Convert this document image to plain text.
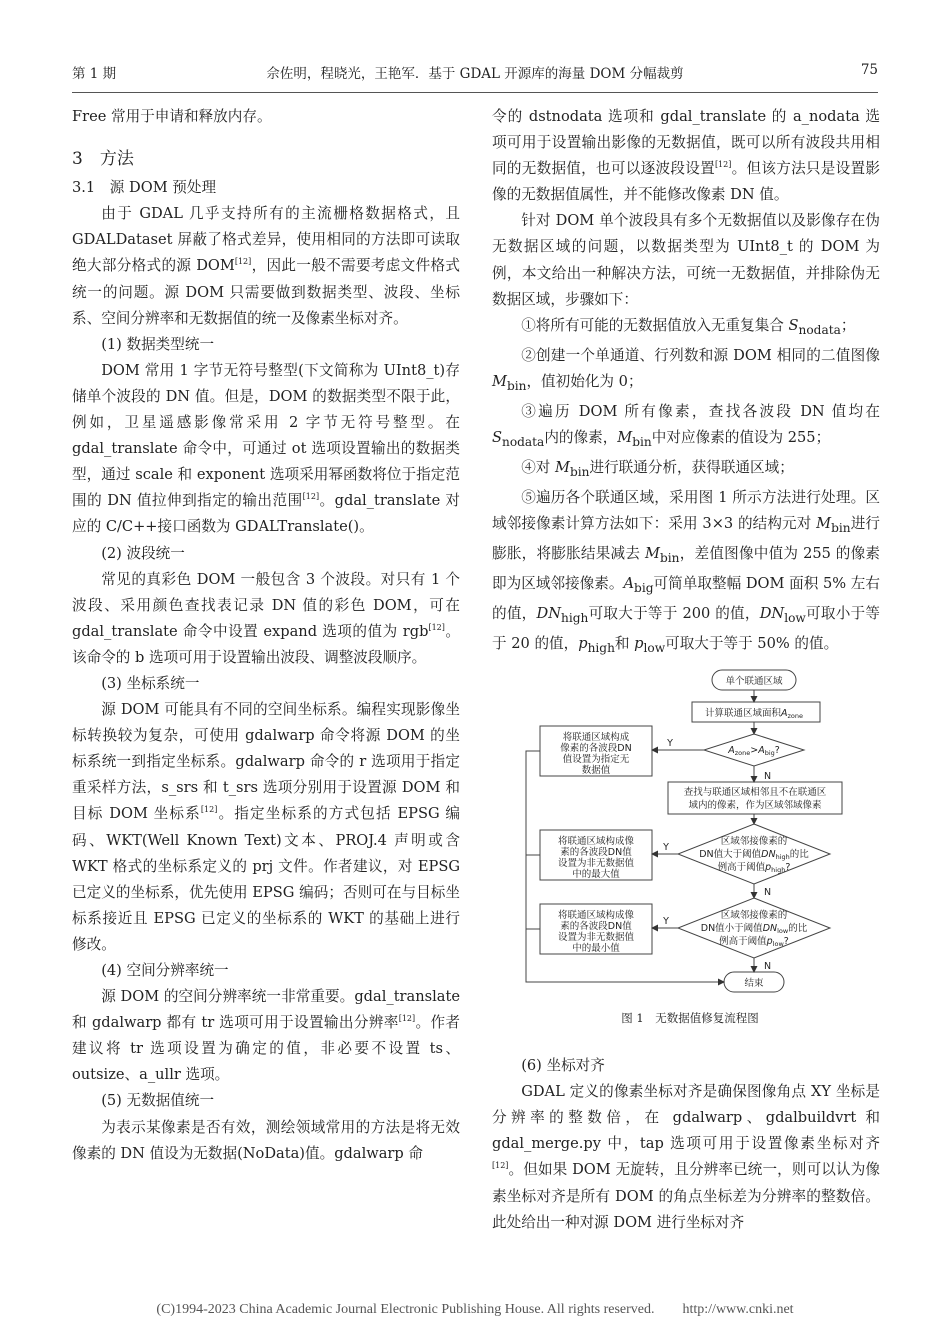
第 1 期	佘佐明，程晓光，王艳军．基于 GDAL 开源库的海量 DOM 分幅裁剪	75

Free 常用于申请和释放内存。

3　方法

3.1　源 DOM 预处理

由于 GDAL 几乎支持所有的主流栅格数据格式，且 GDALDataset 屏蔽了格式差异，使用相同的方法即可读取绝大部分格式的源 DOM[12]，因此一般不需要考虑文件格式统一的问题。源 DOM 只需要做到数据类型、波段、坐标系、空间分辨率和无数据值的统一及像素坐标对齐。

(1) 数据类型统一

DOM 常用 1 字节无符号整型(下文简称为 UInt8_t)存储单个波段的 DN 值。但是，DOM 的数据类型不限于此，例如，卫星遥感影像常采用 2 字节无符号整型。在 gdal_translate 命令中，可通过 ot 选项设置输出的数据类型，通过 scale 和 exponent 选项采用幂函数将位于指定范围的 DN 值拉伸到指定的输出范围[12]。gdal_translate 对应的 C/C++接口函数为 GDALTranslate()。

(2) 波段统一

常见的真彩色 DOM 一般包含 3 个波段。对只有 1 个波段、采用颜色查找表记录 DN 值的彩色 DOM，可在 gdal_translate 命令中设置 expand 选项的值为 rgb[12]。该命令的 b 选项可用于设置输出波段、调整波段顺序。

(3) 坐标系统一

源 DOM 可能具有不同的空间坐标系。编程实现影像坐标转换较为复杂，可使用 gdalwarp 命令将源 DOM 的坐标系统一到指定坐标系。gdalwarp 命令的 r 选项用于指定重采样方法，s_srs 和 t_srs 选项分别用于设置源 DOM 和目标 DOM 坐标系[12]。指定坐标系的方式包括 EPSG 编码、WKT(Well Known Text)文本、PROJ.4 声明或含 WKT 格式的坐标系定义的 prj 文件。作者建议，对 EPSG 已定义的坐标系，优先使用 EPSG 编码；否则可在与目标坐标系接近且 EPSG 已定义的坐标系的 WKT 的基础上进行修改。

(4) 空间分辨率统一

源 DOM 的空间分辨率统一非常重要。gdal_translate 和 gdalwarp 都有 tr 选项可用于设置输出分辨率[12]。作者建议将 tr 选项设置为确定的值，非必要不设置 ts、outsize、a_ullr 选项。

(5) 无数据值统一

为表示某像素是否有效，测绘领域常用的方法是将无效像素的 DN 值设为无数据(NoData)值。gdalwarp 命

令的 dstnodata 选项和 gdal_translate 的 a_nodata 选项可用于设置输出影像的无数据值，既可以所有波段共用相同的无数据值，也可以逐波段设置[12]。但该方法只是设置影像的无数据值属性，并不能修改像素 DN 值。

针对 DOM 单个波段具有多个无数据值以及影像存在伪无数据区域的问题，以数据类型为 UInt8_t 的 DOM 为例，本文给出一种解决方法，可统一无数据值，并排除伪无数据区域，步骤如下：

①将所有可能的无数据值放入无重复集合 $S_{nodata}$；

②创建一个单通道、行列数和源 DOM 相同的二值图像 $M_{bin}$，值初始化为 0；

③遍历 DOM 所有像素，查找各波段 DN 值均在 $S_{nodata}$内的像素，$M_{bin}$中对应像素的值设为 255；

④对 $M_{bin}$进行联通分析，获得联通区域；

⑤遍历各个联通区域，采用图 1 所示方法进行处理。区域邻接像素计算方法如下：采用 3×3 的结构元对 $M_{bin}$进行膨胀，将膨胀结果减去 $M_{bin}$，差值图像中值为 255 的像素即为区域邻接像素。$A_{big}$可简单取整幅 DOM 面积 5% 左右的值，$DN_{high}$可取大于等于 200 的值，$DN_{low}$可取小于等于 20 的值，$p_{high}$和 $p_{low}$可取大于等于 50% 的值。

(6) 坐标对齐

GDAL 定义的像素坐标对齐是确保图像角点 XY 坐标是分辨率的整数倍，在 gdalwarp、gdalbuildvrt 和 gdal_merge.py 中，tap 选项可用于设置像素坐标对齐[12]。但如果 DOM 无旋转，且分辨率已统一，则可以认为像素坐标对齐是所有 DOM 的角点坐标差为分辨率的整数倍。此处给出一种对源 DOM 进行坐标对齐

单个联通区域
计算联通区域面积$A_{zone}$
$A_{zone}>A_{big}$?
查找与联通区域相邻且不在联通区
域内的像素，作为区域邻域像素
区域邻接像素的
DN值大于阈值$DN_{high}$的比
例高于阈值$p_{high}$?
区域邻接像素的
DN值小于阈值$DN_{low}$的比
例高于阈值$p_{low}$?
结束
Y
Y
Y
N
N
N
将联通区域构成
像素的各波段DN
值设置为指定无
数据值
将联通区域构成像
素的各波段DN值
设置为非无数据值
中的最大值
将联通区域构成像
素的各波段DN值
设置为非无数据值
中的最小值
图 1　无数据值修复流程图
(C)1994-2023 China Academic Journal Electronic Publishing House. All rights reserved.　　http://www.cnki.net
